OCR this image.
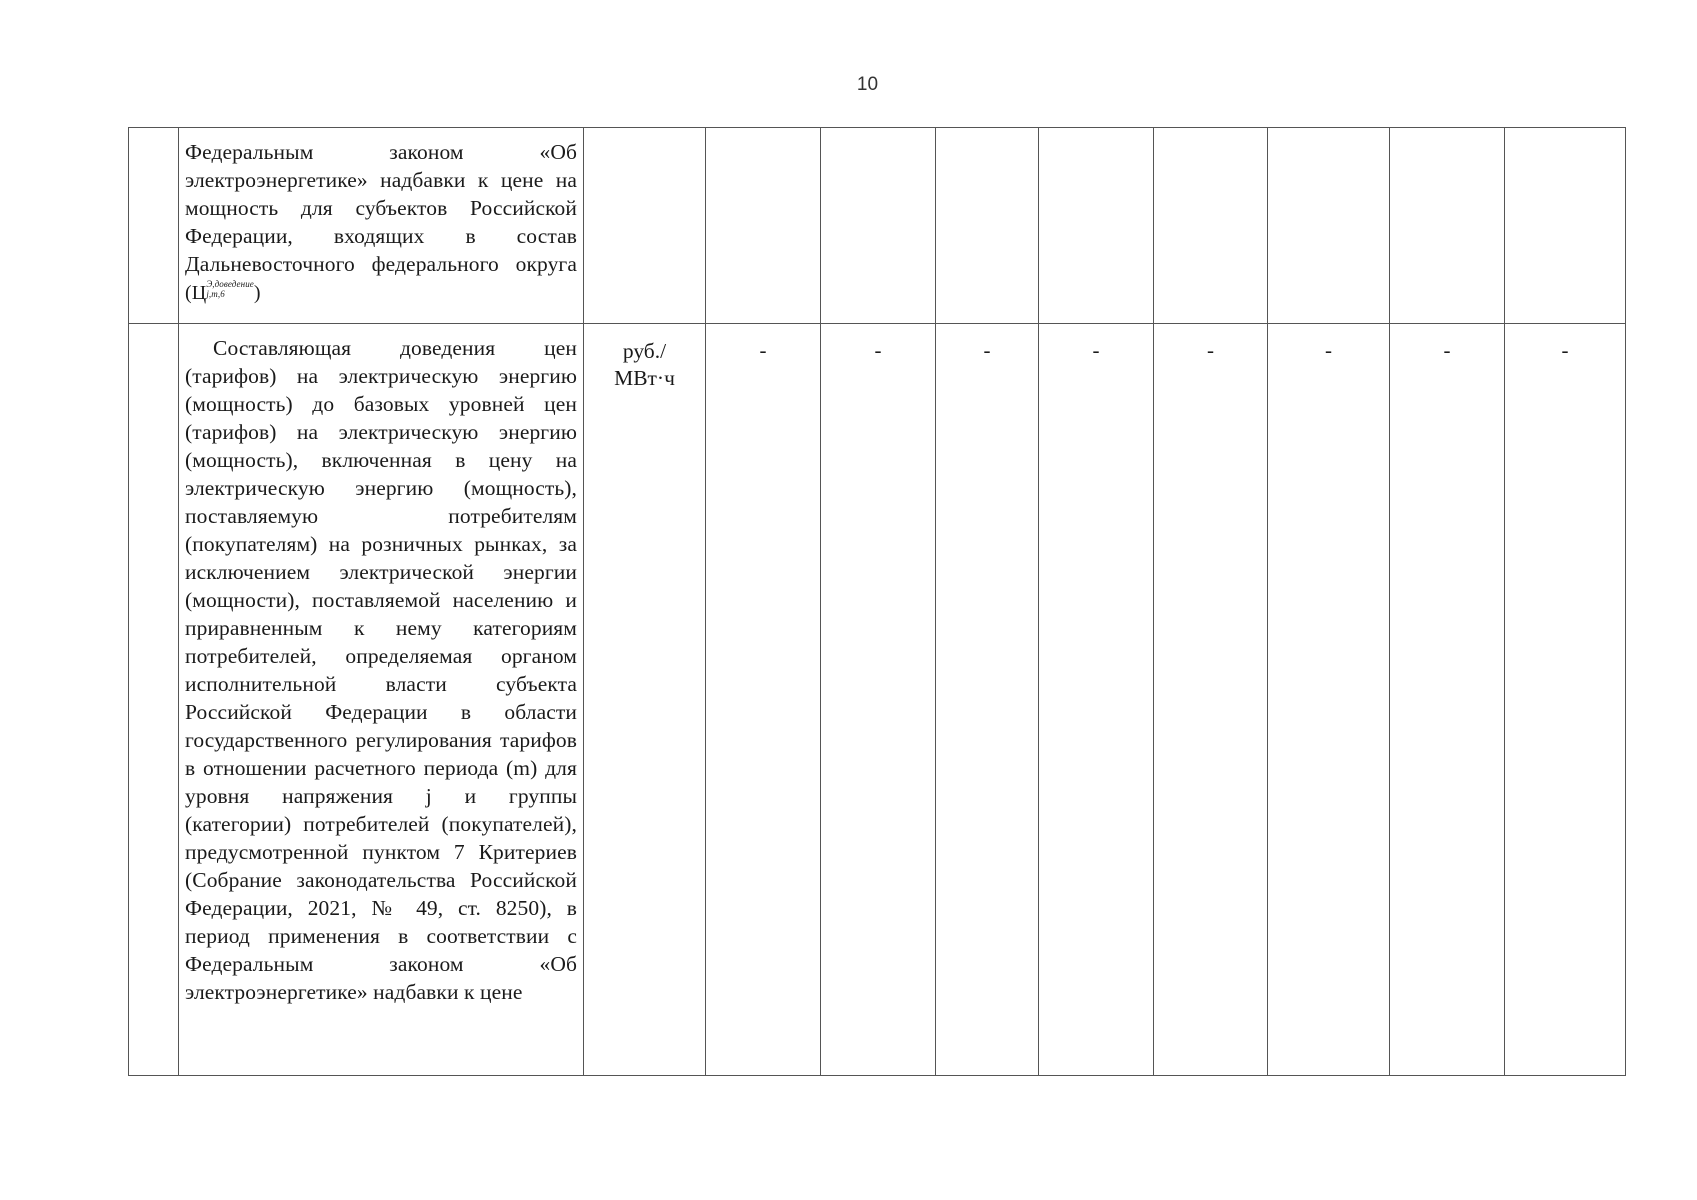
10

	Федеральным законом «Об электроэнергетике» надбавки к цене на мощность для субъектов Российской Федерации, входящих в состав Дальневосточного федерального округа (ЦЭ,доведение
j,m,6 )									

	Составляющая доведения цен (тарифов) на электрическую энергию (мощность) до базовых уровней цен (тарифов) на электрическую энергию (мощность), включенная в цену на электрическую энергию (мощность), поставляемую потребителям (покупателям) на розничных рынках, за исключением электрической энергии (мощности), поставляемой населению и приравненным к нему категориям потребителей, определяемая органом исполнительной власти субъекта Российской Федерации в области государственного регулирования тарифов в отношении расчетного периода (m) для уровня напряжения j и группы (категории) потребителей (покупателей), предусмотренной пунктом 7 Критериев (Собрание законодательства Российской Федерации, 2021, № 49, ст. 8250), в период применения в соответствии с Федеральным законом «Об электроэнергетике» надбавки к цене	руб./
МВт·ч	-	-	-	-	-	-	-	-
